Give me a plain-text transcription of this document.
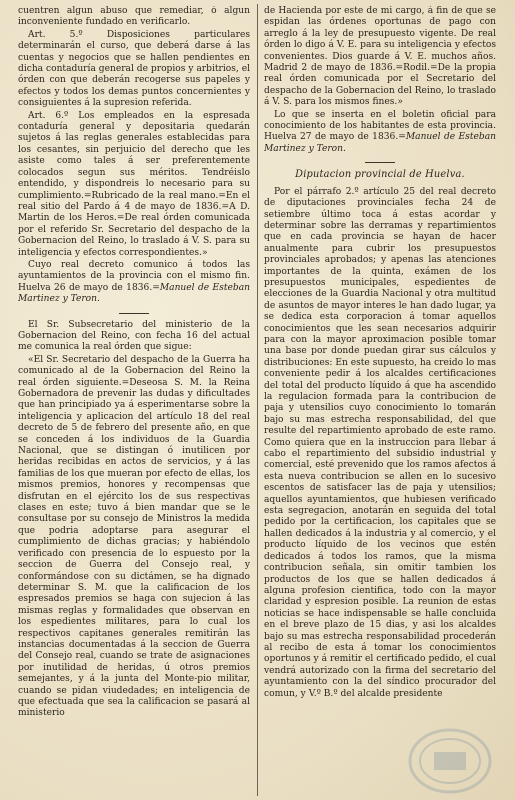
cuentren algun abuso que remediar, ó algun inconveniente fundado en verificarlo.

Art. 5.º Disposiciones particulares determinarán el curso, que deberá darse á las cuentas y negocios que se hallen pendientes en dicha contaduría general de propios y arbitrios, el órden con que deberán recogerse sus papeles y efectos y todos los demas puntos concernientes y consiguientes á la supresion referida.

Art. 6.º Los empleados en la espresada contaduría general y depositaria quedarán sujetos á las reglas generales establecidas para los cesantes, sin perjuicio del derecho que les asiste como tales á ser preferentemente colocados segun sus méritos. Tendréislo entendido, y dispondreis lo necesario para su cumplimiento.=Rubricado de la real mano.=En el real sitio del Pardo á 4 de mayo de 1836.=A D. Martin de los Heros.=De real órden comunicada por el referido Sr. Secretario del despacho de la Gobernacion del Reino, lo traslado á V. S. para su inteligencia y efectos correspondientes.»

Cuyo real decreto comunico á todos las ayuntamientos de la provincia con el mismo fin. Huelva 26 de mayo de 1836.=Manuel de Esteban Martinez y Teron.

El Sr. Subsecretario del ministerio de la Gobernacion del Reino, con fecha 16 del actual me comunica la real órden que sigue:

«El Sr. Secretario del despacho de la Guerra ha comunicado al de la Gobernacion del Reino la real órden siguiente.=Deseosa S. M. la Reina Gobernadora de prevenir las dudas y dificultades que han principiado ya á esperimentarse sobre la inteligencia y aplicacion del artículo 18 del real decreto de 5 de febrero del presente año, en que se conceden á los individuos de la Guardia Nacional, que se distingan ó inutilicen por heridas recibidas en actos de servicios, y á las familias de los que mueran por efecto de ellas, los mismos premios, honores y recompensas que disfrutan en el ejército los de sus respectivas clases en este; tuvo á bien mandar que se le consultase por su consejo de Ministros la medida que podria adoptarse para asegurar el cumplimiento de dichas gracias; y habiéndolo verificado con presencia de lo espuesto por la seccion de Guerra del Consejo real, y conformándose con su dictámen, se ha dignado determinar S. M. que la calificacion de los espresados premios se haga con sujecion á las mismas reglas y formalidades que observan en los espedientes militares, para lo cual los respectivos capitanes generales remitirán las instancias documentadas á la seccion de Guerra del Consejo real, cuando se trate de asignaciones por inutilidad de heridas, ú otros premios semejantes, y á la junta del Monte-pio militar, cuando se pidan viudedades; en inteligencia de que efectuada que sea la calificacion se pasará al ministerio

de Hacienda por este de mi cargo, á fin de que se espidan las órdenes oportunas de pago con arreglo á la ley de presupuesto vigente. De real órden lo digo á V. E. para su inteligencia y efectos convenientes. Dios guarde á V. E. muchos años. Madrid 2 de mayo de 1836.=Rodil.=De la propia real órden comunicada por el Secretario del despacho de la Gobernacion del Reino, lo traslado á V. S. para los mismos fines.»

Lo que se inserta en el boletin oficial para conocimiento de los habitantes de esta provincia. Huelva 27 de mayo de 1836.=Manuel de Esteban Martinez y Teron.

Diputacion provincial de Huelva.

Por el párrafo 2.º artículo 25 del real decreto de diputaciones provinciales fecha 24 de setiembre último toca á estas acordar y determinar sobre las derramas y repartimientos que en cada provincia se hayan de hacer anualmente para cubrir los presupuestos provinciales aprobados; y apenas las atenciones importantes de la quinta, exámen de los presupuestos municipales, espedientes de elecciones de la Guardia Nacional y otra multitud de asuntos de mayor interes le han dado lugar, ya se dedica esta corporacion á tomar aquellos conocimientos que les sean necesarios adquirir para con la mayor aproximacion posible tomar una base por donde puedan girar sus cálculos y distribuciones: En este supuesto, ha creido lo mas conveniente pedir á los alcaldes certificaciones del total del producto líquido á que ha ascendido la regulacion formada para la contribucion de paja y utensilios cuyo conocimiento lo tomarán bajo su mas estrecha responsabilidad, del que resulte del repartimiento aprobado de este ramo. Como quiera que en la instruccion para llebar á cabo el repartimiento del subsidio industrial y comercial, esté prevenido que los ramos afectos á esta nueva contribucion se allen en lo sucesivo escentos de satisfacer las de paja y utensilios; aquellos ayuntamientos, que hubiesen verificado esta segregacion, anotarán en seguida del total pedido por la certificacion, los capitales que se hallen dedicados á la industria y al comercio, y el producto líquido de los vecinos que estén dedicados á todos los ramos, que la misma contribucion señala, sin omitir tambien los productos de los que se hallen dedicados á alguna profesion cientifica, todo con la mayor claridad y espresion posible. La reunion de estas noticias se hace indispensable se halle concluida en el breve plazo de 15 dias, y asi los alcaldes bajo su mas estrecha responsabilidad procederán al recibo de esta á tomar los conocimientos oportunos y á remitir el certificado pedido, el cual vendrá autorizado con la firma del secretario del ayuntamiento con la del síndico procurador del comun, y V.º B.º del alcalde presidente
